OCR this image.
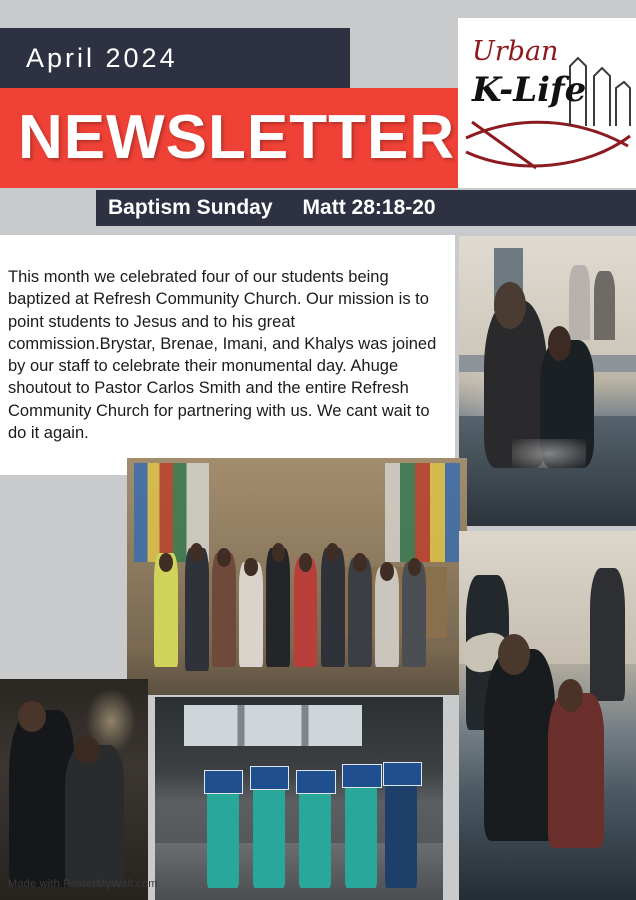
April 2024
NEWSLETTER
Urban
K-Life
Baptism Sunday Matt 28:18-20
This month we celebrated four of our students being baptized at Refresh Community Church. Our mission is to point students to Jesus and to his great commission.Brystar, Brenae, Imani, and Khalys was joined by our staff to celebrate their monumental day. Ahuge shoutout to Pastor Carlos Smith and the entire Refresh Community Church for partnering with us. We cant wait to do it again.
Made with PosterMyWall.com
